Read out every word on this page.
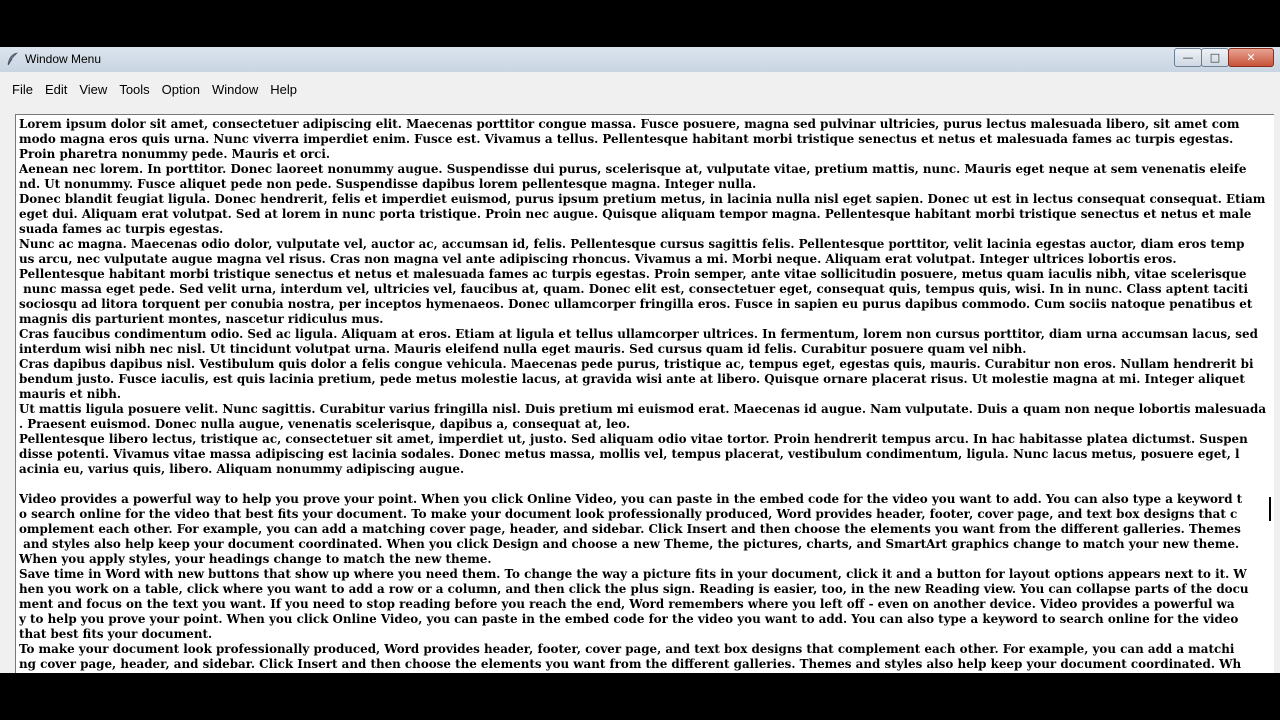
Window Menu	—	□	✕
File Edit View Tools Option Window Help
Lorem ipsum dolor sit amet, consectetuer adipiscing elit. Maecenas porttitor congue massa. Fusce posuere, magna sed pulvinar ultricies, purus lectus malesuada libero, sit amet com
modo magna eros quis urna. Nunc viverra imperdiet enim. Fusce est. Vivamus a tellus. Pellentesque habitant morbi tristique senectus et netus et malesuada fames ac turpis egestas.
Proin pharetra nonummy pede. Mauris et orci.
Aenean nec lorem. In porttitor. Donec laoreet nonummy augue. Suspendisse dui purus, scelerisque at, vulputate vitae, pretium mattis, nunc. Mauris eget neque at sem venenatis eleife
nd. Ut nonummy. Fusce aliquet pede non pede. Suspendisse dapibus lorem pellentesque magna. Integer nulla.
Donec blandit feugiat ligula. Donec hendrerit, felis et imperdiet euismod, purus ipsum pretium metus, in lacinia nulla nisl eget sapien. Donec ut est in lectus consequat consequat. Etiam
eget dui. Aliquam erat volutpat. Sed at lorem in nunc porta tristique. Proin nec augue. Quisque aliquam tempor magna. Pellentesque habitant morbi tristique senectus et netus et male
suada fames ac turpis egestas.
Nunc ac magna. Maecenas odio dolor, vulputate vel, auctor ac, accumsan id, felis. Pellentesque cursus sagittis felis. Pellentesque porttitor, velit lacinia egestas auctor, diam eros temp
us arcu, nec vulputate augue magna vel risus. Cras non magna vel ante adipiscing rhoncus. Vivamus a mi. Morbi neque. Aliquam erat volutpat. Integer ultrices lobortis eros.
Pellentesque habitant morbi tristique senectus et netus et malesuada fames ac turpis egestas. Proin semper, ante vitae sollicitudin posuere, metus quam iaculis nibh, vitae scelerisque
nunc massa eget pede. Sed velit urna, interdum vel, ultricies vel, faucibus at, quam. Donec elit est, consectetuer eget, consequat quis, tempus quis, wisi. In in nunc. Class aptent taciti
sociosqu ad litora torquent per conubia nostra, per inceptos hymenaeos. Donec ullamcorper fringilla eros. Fusce in sapien eu purus dapibus commodo. Cum sociis natoque penatibus et
magnis dis parturient montes, nascetur ridiculus mus.
Cras faucibus condimentum odio. Sed ac ligula. Aliquam at eros. Etiam at ligula et tellus ullamcorper ultrices. In fermentum, lorem non cursus porttitor, diam urna accumsan lacus, sed
interdum wisi nibh nec nisl. Ut tincidunt volutpat urna. Mauris eleifend nulla eget mauris. Sed cursus quam id felis. Curabitur posuere quam vel nibh.
Cras dapibus dapibus nisl. Vestibulum quis dolor a felis congue vehicula. Maecenas pede purus, tristique ac, tempus eget, egestas quis, mauris. Curabitur non eros. Nullam hendrerit bi
bendum justo. Fusce iaculis, est quis lacinia pretium, pede metus molestie lacus, at gravida wisi ante at libero. Quisque ornare placerat risus. Ut molestie magna at mi. Integer aliquet
mauris et nibh.
Ut mattis ligula posuere velit. Nunc sagittis. Curabitur varius fringilla nisl. Duis pretium mi euismod erat. Maecenas id augue. Nam vulputate. Duis a quam non neque lobortis malesuada
. Praesent euismod. Donec nulla augue, venenatis scelerisque, dapibus a, consequat at, leo.
Pellentesque libero lectus, tristique ac, consectetuer sit amet, imperdiet ut, justo. Sed aliquam odio vitae tortor. Proin hendrerit tempus arcu. In hac habitasse platea dictumst. Suspen
disse potenti. Vivamus vitae massa adipiscing est lacinia sodales. Donec metus massa, mollis vel, tempus placerat, vestibulum condimentum, ligula. Nunc lacus metus, posuere eget, l
acinia eu, varius quis, libero. Aliquam nonummy adipiscing augue.

Video provides a powerful way to help you prove your point. When you click Online Video, you can paste in the embed code for the video you want to add. You can also type a keyword t
o search online for the video that best fits your document. To make your document look professionally produced, Word provides header, footer, cover page, and text box designs that c
omplement each other. For example, you can add a matching cover page, header, and sidebar. Click Insert and then choose the elements you want from the different galleries. Themes
and styles also help keep your document coordinated. When you click Design and choose a new Theme, the pictures, charts, and SmartArt graphics change to match your new theme.
When you apply styles, your headings change to match the new theme.
Save time in Word with new buttons that show up where you need them. To change the way a picture fits in your document, click it and a button for layout options appears next to it. W
hen you work on a table, click where you want to add a row or a column, and then click the plus sign. Reading is easier, too, in the new Reading view. You can collapse parts of the docu
ment and focus on the text you want. If you need to stop reading before you reach the end, Word remembers where you left off - even on another device. Video provides a powerful wa
y to help you prove your point. When you click Online Video, you can paste in the embed code for the video you want to add. You can also type a keyword to search online for the video
that best fits your document.
To make your document look professionally produced, Word provides header, footer, cover page, and text box designs that complement each other. For example, you can add a matchi
ng cover page, header, and sidebar. Click Insert and then choose the elements you want from the different galleries. Themes and styles also help keep your document coordinated. Wh
